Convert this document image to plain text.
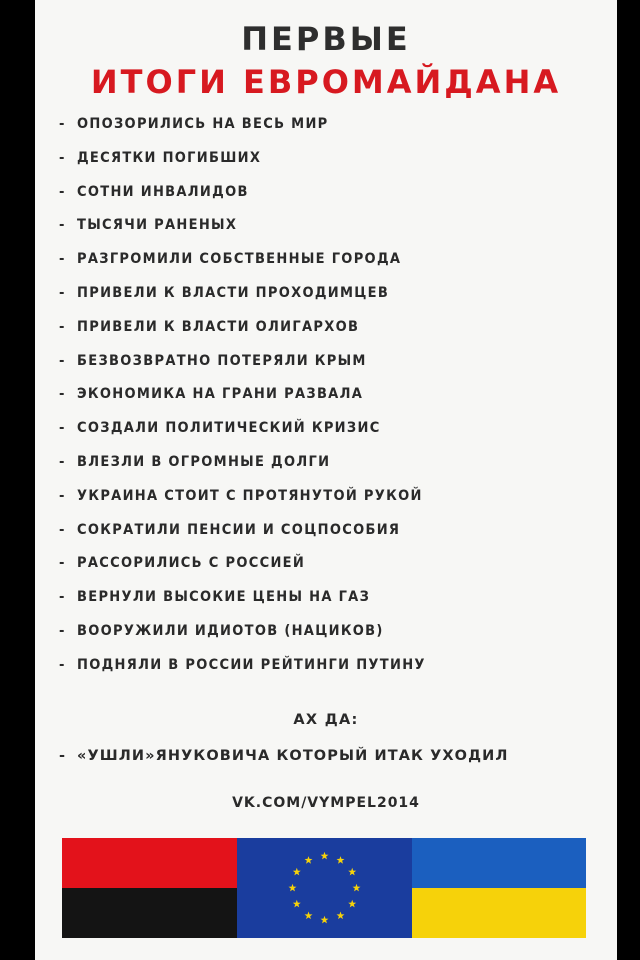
ПЕРВЫЕ
ИТОГИ ЕВРОМАЙДАНА
- ОПОЗОРИЛИСЬ НА ВЕСЬ МИР
- ДЕСЯТКИ ПОГИБШИХ
- СОТНИ ИНВАЛИДОВ
- ТЫСЯЧИ РАНЕНЫХ
- РАЗГРОМИЛИ СОБСТВЕННЫЕ ГОРОДА
- ПРИВЕЛИ К ВЛАСТИ ПРОХОДИМЦЕВ
- ПРИВЕЛИ К ВЛАСТИ ОЛИГАРХОВ
- БЕЗВОЗВРАТНО ПОТЕРЯЛИ КРЫМ
- ЭКОНОМИКА НА ГРАНИ РАЗВАЛА
- СОЗДАЛИ ПОЛИТИЧЕСКИЙ КРИЗИС
- ВЛЕЗЛИ В ОГРОМНЫЕ ДОЛГИ
- УКРАИНА СТОИТ С ПРОТЯНУТОЙ РУКОЙ
- СОКРАТИЛИ ПЕНСИИ И СОЦПОСОБИЯ
- РАССОРИЛИСЬ С РОССИЕЙ
- ВЕРНУЛИ ВЫСОКИЕ ЦЕНЫ НА ГАЗ
- ВООРУЖИЛИ ИДИОТОВ (НАЦИКОВ)
- ПОДНЯЛИ В РОССИИ РЕЙТИНГИ ПУТИНУ
АХ ДА:
- «УШЛИ»ЯНУКОВИЧА КОТОРЫЙ ИТАК УХОДИЛ
VK.COM/VYMPEL2014
